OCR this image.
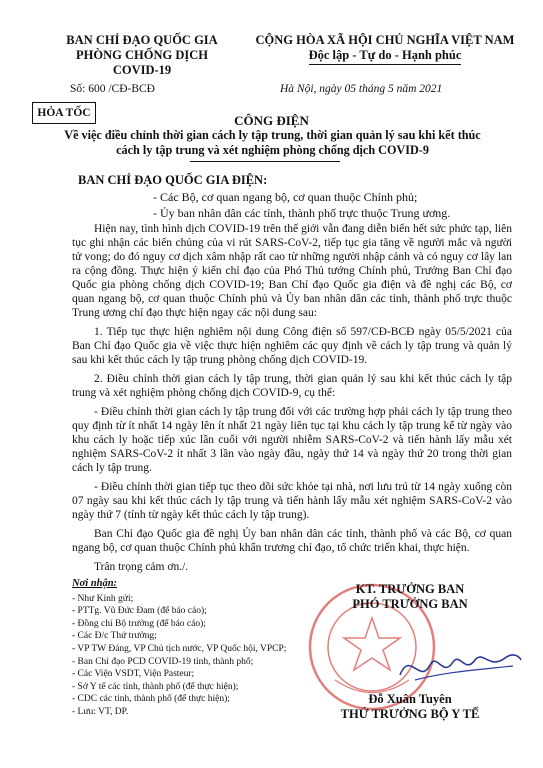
BAN CHỈ ĐẠO QUỐC GIA
PHÒNG CHỐNG DỊCH
COVID-19
Số: 600 /CĐ-BCĐ
CỘNG HÒA XÃ HỘI CHỦ NGHĨA VIỆT NAM
Độc lập - Tự do - Hạnh phúc
Hà Nội, ngày 05 tháng 5 năm 2021
HỎA TỐC	CÔNG ĐIỆN
Về việc điều chỉnh thời gian cách ly tập trung, thời gian quản lý sau khi kết thúc
cách ly tập trung và xét nghiệm phòng chống dịch COVID-9
BAN CHỈ ĐẠO QUỐC GIA ĐIỆN:
- Các Bộ, cơ quan ngang bộ, cơ quan thuộc Chính phủ;
- Ủy ban nhân dân các tỉnh, thành phố trực thuộc Trung ương.

Hiện nay, tình hình dịch COVID-19 trên thế giới vẫn đang diễn biến hết sức phức tạp, liên tục ghi nhận các biến chủng của vi rút SARS-CoV-2, tiếp tục gia tăng về người mắc và người tử vong; do đó nguy cơ dịch xâm nhập rất cao từ những người nhập cảnh và có nguy cơ lây lan ra cộng đồng. Thực hiện ý kiến chỉ đạo của Phó Thủ tướng Chính phủ, Trưởng Ban Chỉ đạo Quốc gia phòng chống dịch COVID-19; Ban Chỉ đạo Quốc gia điện và đề nghị các Bộ, cơ quan ngang bộ, cơ quan thuộc Chính phủ và Ủy ban nhân dân các tỉnh, thành phố trực thuộc Trung ương chỉ đạo thực hiện ngay các nội dung sau:

1. Tiếp tục thực hiện nghiêm nội dung Công điện số 597/CĐ-BCĐ ngày 05/5/2021 của Ban Chỉ đạo Quốc gia về việc thực hiện nghiêm các quy định về cách ly tập trung và quản lý sau khi kết thúc cách ly tập trung phòng chống dịch COVID-19.

2. Điều chỉnh thời gian cách ly tập trung, thời gian quản lý sau khi kết thúc cách ly tập trung và xét nghiệm phòng chống dịch COVID-9, cụ thể:

- Điều chỉnh thời gian cách ly tập trung đối với các trường hợp phải cách ly tập trung theo quy định từ ít nhất 14 ngày lên ít nhất 21 ngày liên tục tại khu cách ly tập trung kể từ ngày vào khu cách ly hoặc tiếp xúc lần cuối với người nhiễm SARS-CoV-2 và tiến hành lấy mẫu xét nghiệm SARS-CoV-2 ít nhất 3 lần vào ngày đầu, ngày thứ 14 và ngày thứ 20 trong thời gian cách ly tập trung.

- Điều chỉnh thời gian tiếp tục theo dõi sức khỏe tại nhà, nơi lưu trú từ 14 ngày xuống còn 07 ngày sau khi kết thúc cách ly tập trung và tiến hành lấy mẫu xét nghiệm SARS-CoV-2 vào ngày thứ 7 (tính từ ngày kết thúc cách ly tập trung).

Ban Chỉ đạo Quốc gia đề nghị Ủy ban nhân dân các tỉnh, thành phố và các Bộ, cơ quan ngang bộ, cơ quan thuộc Chính phủ khẩn trương chỉ đạo, tổ chức triển khai, thực hiện.

Trân trọng cảm ơn./.

Nơi nhận:
- Như Kính gửi;
- PTTg. Vũ Đức Đam (để báo cáo);
- Đồng chí Bộ trưởng (để báo cáo);
- Các Đ/c Thứ trưởng;
- VP TW Đảng, VP Chủ tịch nước, VP Quốc hội, VPCP;
- Ban Chỉ đạo PCD COVID-19 tỉnh, thành phố;
- Các Viện VSDT, Viện Pasteur;
- Sở Y tế các tỉnh, thành phố (để thực hiện);
- CDC các tỉnh, thành phố (để thực hiện);
- Lưu: VT, DP.
KT. TRƯỞNG BAN
PHÓ TRƯỞNG BAN
Đỗ Xuân Tuyên
THỨ TRƯỞNG BỘ Y TẾ
